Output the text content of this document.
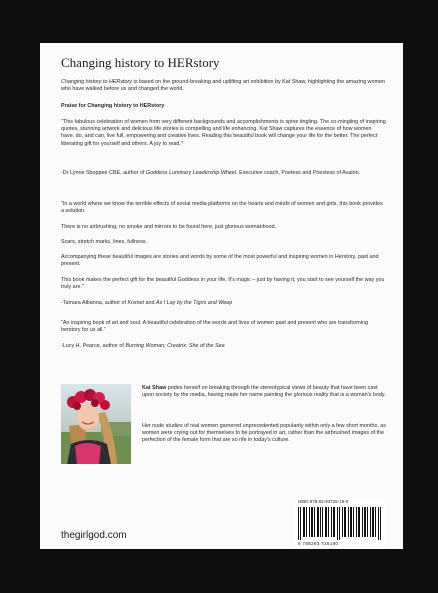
Changing history to HERstory
Changing history to HERstory is based on the ground-breaking and uplifting art exhibition by Kat Shaw, highlighting the amazing women who have walked before us and changed the world.
Praise for Changing history to HERstory
"This fabulous celebration of women from very different backgrounds and accomplishments is spine tingling. The co-mingling of inspiring quotes, stunning artwork and delicious life stories is compelling and life enhancing. Kat Shaw captures the essence of how women have, do, and can, live full, empowering and creative lives. Reading this beautiful book will change your life for the better. The perfect liberating gift for yourself and others. A joy to read."
-Dr Lynne Shoppee CBE, author of Goddess Luminary Leadership Wheel, Executive coach, Poetess and Priestess of Avalon.
"In a world where we know the terrible effects of social media platforms on the hearts and minds of women and girls, this book provides a solution.
There is no airbrushing, no smoke and mirrors to be found here, just glorious womanhood.
Scars, stretch marks, lines, fullness.
Accompanying these beautiful images are stories and words by some of the most powerful and inspiring women in Herstory, past and present.
This book makes the perfect gift for the beautiful Goddess in your life. It's magic – just by having it, you start to see yourself the way you truly are."
-Tamara Albanna, author of Kismet and As I Lay by the Tigris and Weep
"An inspiring book of art and soul. A beautiful celebration of the words and lives of women past and present who are transforming herstory for us all."
-Lucy H. Pearce, author of Burning Woman; Creatrix; She of the Sea
Kat Shaw prides herself on breaking through the stereotypical views of beauty that have been cast upon society by the media, having made her name painting the glorious reality that is a woman's body.
Her nude studies of real women garnered unprecedented popularity within only a few short months, as women were crying out for themselves to be portrayed in art, rather than the airbrushed images of the perfection of the female form that are so rife in today's culture.
thegirlgod.com
ISBN 978-82-93725-19-0
9 788293 725190
